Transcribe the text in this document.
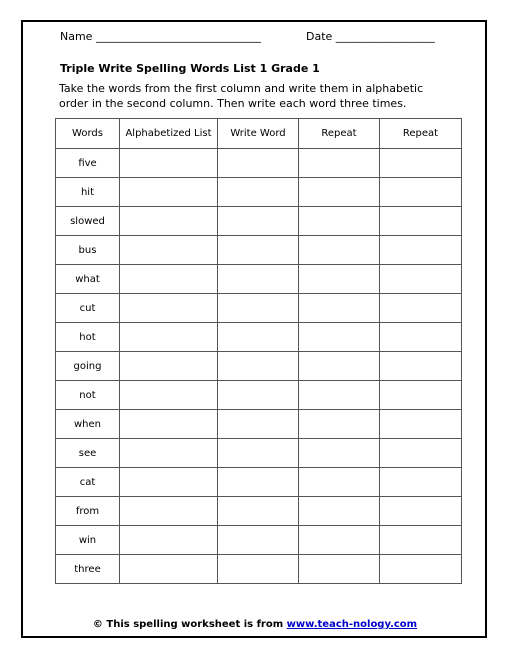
Name ______________________________	Date __________________
Triple Write Spelling Words List 1 Grade 1
Take the words from the first column and write them in alphabetic order in the second column. Then write each word three times.
Words	Alphabetized List	Write Word	Repeat	Repeat
five				
hit				
slowed				
bus				
what				
cut				
hot				
going				
not				
when				
see				
cat				
from				
win				
three				
© This spelling worksheet is from www.teach-nology.com
